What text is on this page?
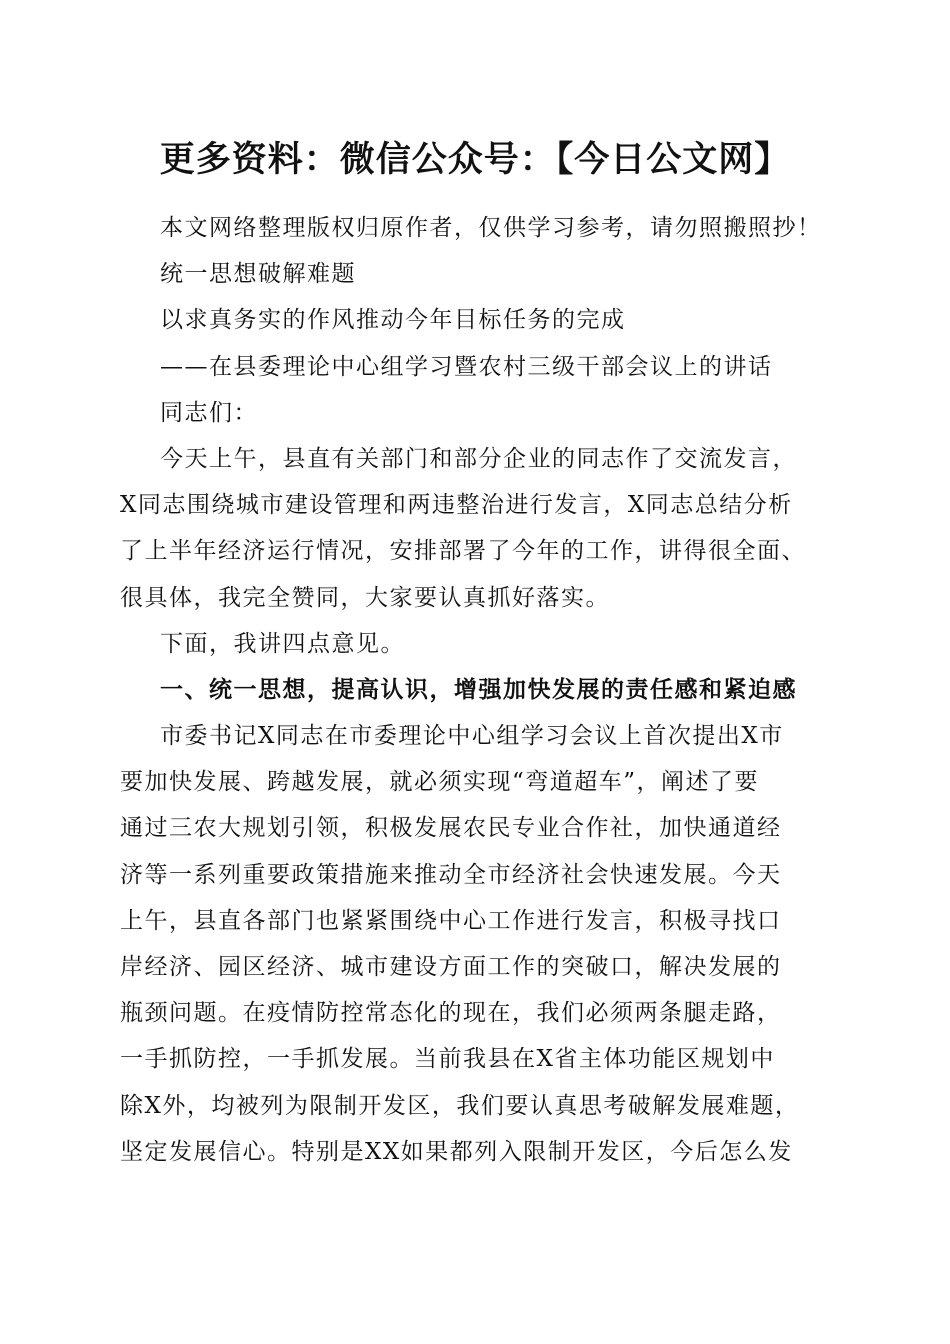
更多资料：微信公众号：【今日公文网】
本文网络整理版权归原作者，仅供学习参考，请勿照搬照抄！
统一思想破解难题
以求真务实的作风推动今年目标任务的完成
——在县委理论中心组学习暨农村三级干部会议上的讲话
同志们：
今天上午，县直有关部门和部分企业的同志作了交流发言，
X同志围绕城市建设管理和两违整治进行发言，X同志总结分析
了上半年经济运行情况，安排部署了今年的工作，讲得很全面、
很具体，我完全赞同，大家要认真抓好落实。
下面，我讲四点意见。
一、统一思想，提高认识，增强加快发展的责任感和紧迫感
市委书记X同志在市委理论中心组学习会议上首次提出X市
要加快发展、跨越发展，就必须实现“弯道超车”，阐述了要
通过三农大规划引领，积极发展农民专业合作社，加快通道经
济等一系列重要政策措施来推动全市经济社会快速发展。今天
上午，县直各部门也紧紧围绕中心工作进行发言，积极寻找口
岸经济、园区经济、城市建设方面工作的突破口，解决发展的
瓶颈问题。在疫情防控常态化的现在，我们必须两条腿走路，
一手抓防控，一手抓发展。当前我县在X省主体功能区规划中
除X外，均被列为限制开发区，我们要认真思考破解发展难题，
坚定发展信心。特别是XX如果都列入限制开发区，今后怎么发
